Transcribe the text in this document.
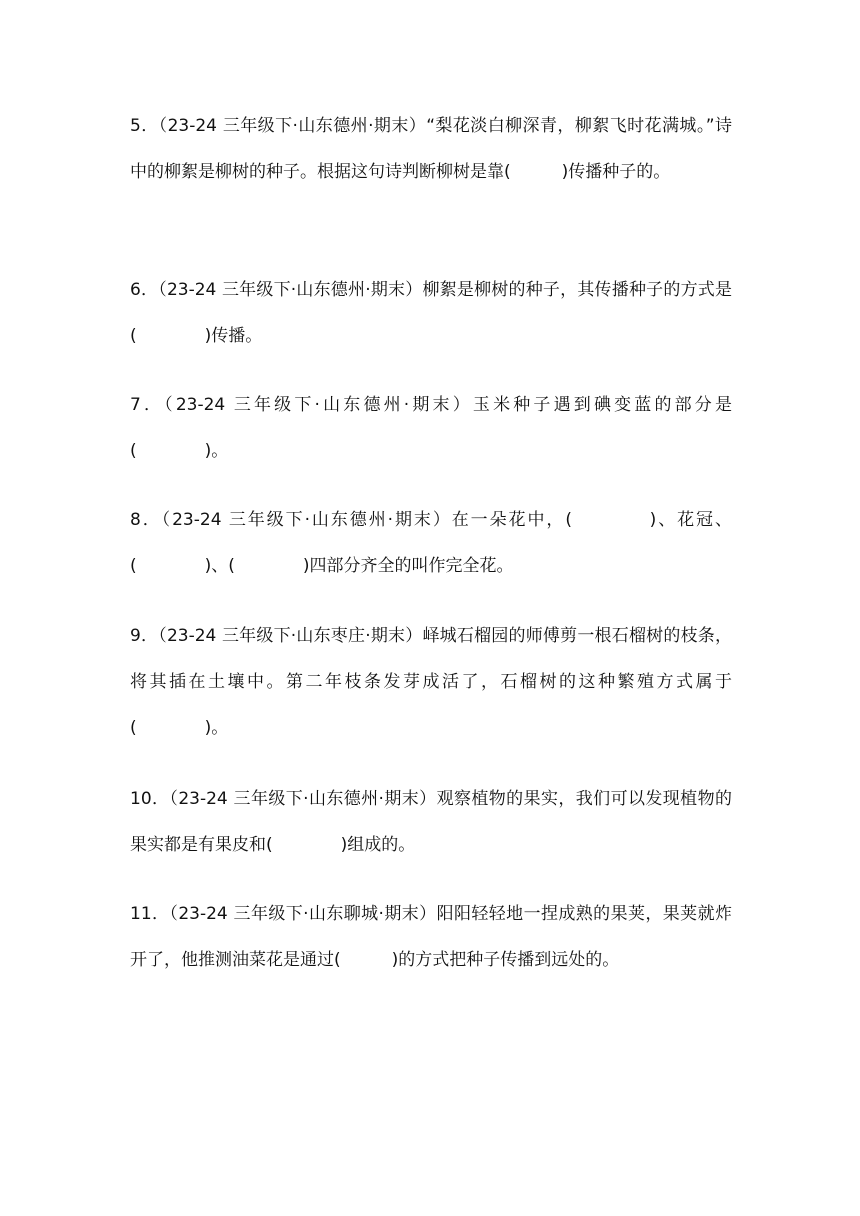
5．（23-24 三年级下·山东德州·期末）“梨花淡白柳深青，柳絮飞时花满城。”诗中的柳絮是柳树的种子。根据这句诗判断柳树是靠(　　　)传播种子的。

6．（23-24 三年级下·山东德州·期末）柳絮是柳树的种子，其传播种子的方式是(　　　　)传播。

7．（23-24 三年级下·山东德州·期末）玉米种子遇到碘变蓝的部分是(　　　　)。

8．（23-24 三年级下·山东德州·期末）在一朵花中，(　　　　)、花冠、(　　　　)、(　　　　)四部分齐全的叫作完全花。

9．（23-24 三年级下·山东枣庄·期末）峄城石榴园的师傅剪一根石榴树的枝条，将其插在土壤中。第二年枝条发芽成活了，石榴树的这种繁殖方式属于(　　　　)。

10．（23-24 三年级下·山东德州·期末）观察植物的果实，我们可以发现植物的果实都是有果皮和(　　　　)组成的。

11．（23-24 三年级下·山东聊城·期末）阳阳轻轻地一捏成熟的果荚，果荚就炸开了，他推测油菜花是通过(　　　)的方式把种子传播到远处的。
